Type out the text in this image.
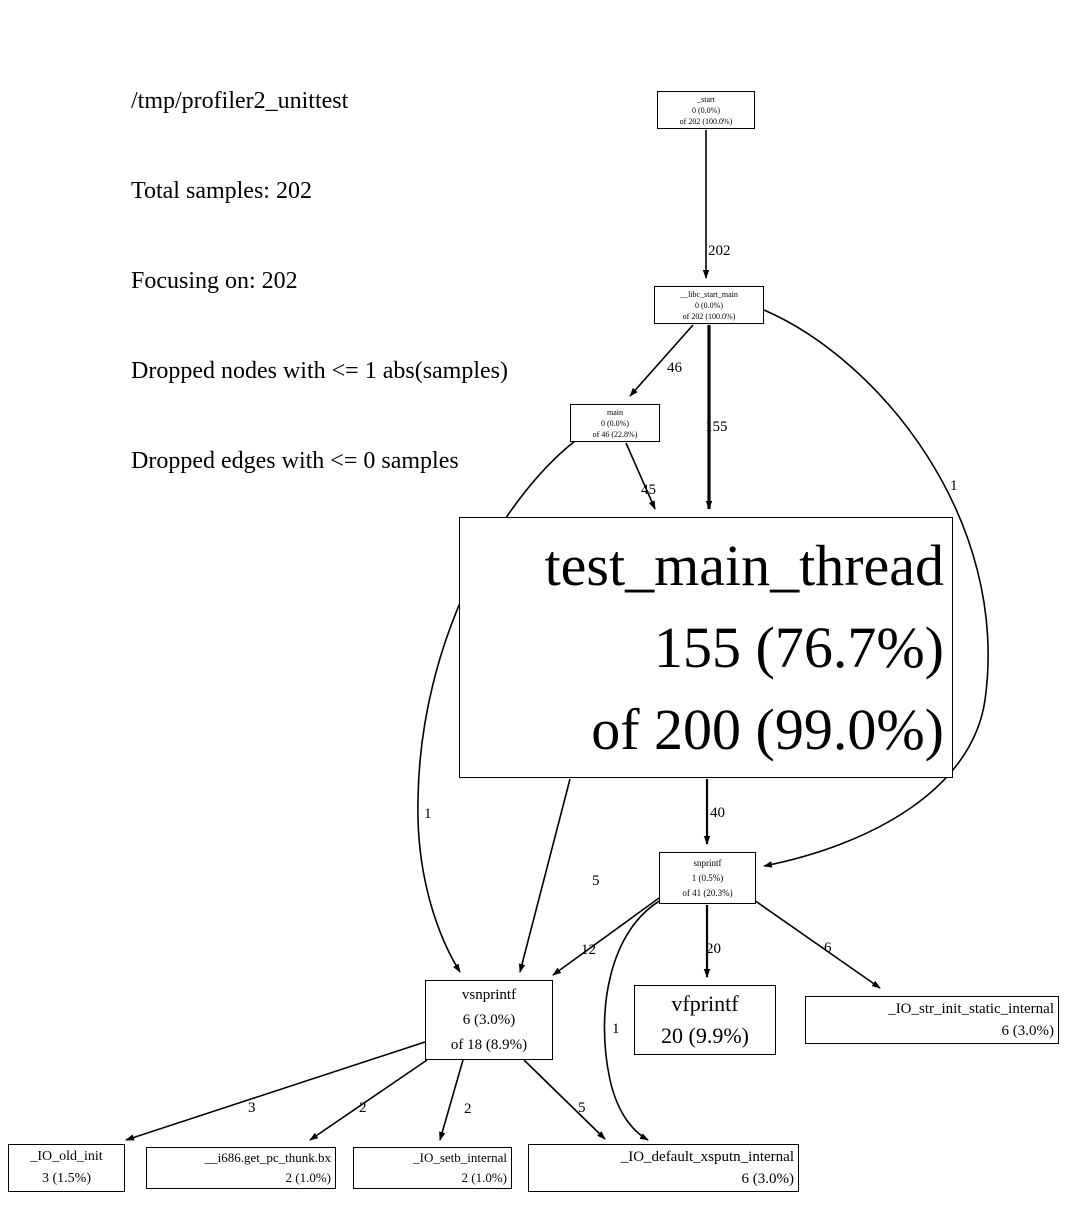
/tmp/profiler2_unittest

Total samples: 202

Focusing on: 202

Dropped nodes with <= 1 abs(samples)

Dropped edges with <= 0 samples

_start
0 (0.0%)
of 202 (100.0%)
__libc_start_main
0 (0.0%)
of 202 (100.0%)
main
0 (0.0%)
of 46 (22.8%)
test_main_thread
155 (76.7%)
of 200 (99.0%)
snprintf
1 (0.5%)
of 41 (20.3%)
vsnprintf
6 (3.0%)
of 18 (8.9%)
vfprintf
20 (9.9%)
_IO_str_init_static_internal
6 (3.0%)
_IO_old_init
3 (1.5%)
__i686.get_pc_thunk.bx
2 (1.0%)
_IO_setb_internal
2 (1.0%)
_IO_default_xsputn_internal
6 (3.0%)
202
46
155
1
45
1	40
5
12	20	6
1
3	2	2	5
